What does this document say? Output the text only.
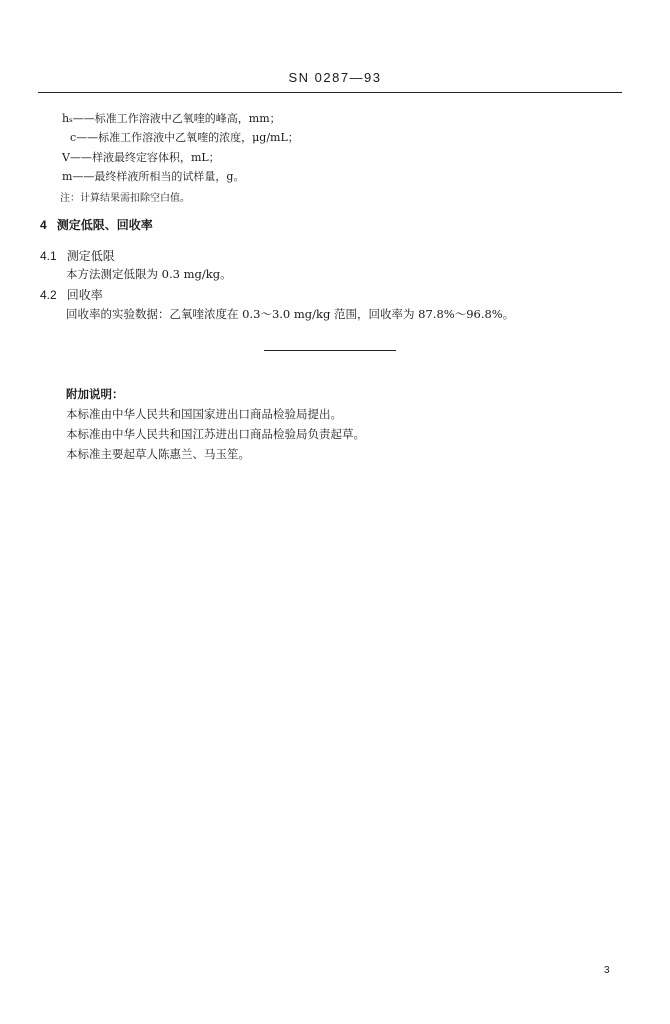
SN 0287—93
hₛ——标准工作溶液中乙氧喹的峰高，mm；
c——标准工作溶液中乙氧喹的浓度，μg/mL；
V——样液最终定容体积，mL；
m——最终样液所相当的试样量，g。
注：计算结果需扣除空白值。
4 测定低限、回收率
4.1 测定低限
本方法测定低限为 0.3 mg/kg。
4.2 回收率
回收率的实验数据：乙氧喹浓度在 0.3～3.0 mg/kg 范围，回收率为 87.8%～96.8%。
附加说明：
本标准由中华人民共和国国家进出口商品检验局提出。
本标准由中华人民共和国江苏进出口商品检验局负责起草。
本标准主要起草人陈惠兰、马玉笙。
3
